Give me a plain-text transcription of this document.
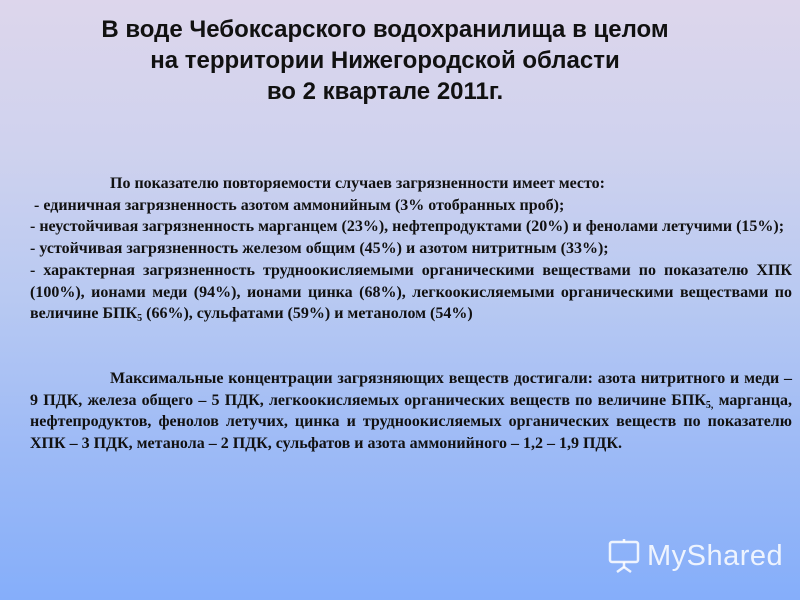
В воде Чебоксарского водохранилища в целом
на территории Нижегородской области
во 2 квартале 2011г.

По показателю повторяемости случаев загрязненности имеет место:

- единичная загрязненность азотом аммонийным (3% отобранных проб);

- неустойчивая загрязненность марганцем (23%), нефтепродуктами (20%) и фенолами летучими (15%);

- устойчивая загрязненность железом общим (45%) и азотом нитритным (33%);

- характерная загрязненность трудноокисляемыми органическими веществами по показателю ХПК (100%), ионами меди (94%), ионами цинка (68%), легкоокисляемыми органическими веществами по величине $БПК_5$ (66%), сульфатами (59%) и метанолом (54%)

Максимальные концентрации загрязняющих веществ достигали: азота нитритного и меди – 9 ПДК, железа общего – 5 ПДК, легкоокисляемых органических веществ по величине $БПК_{5,}$ марганца, нефтепродуктов, фенолов летучих, цинка и трудноокисляемых органических веществ по показателю ХПК – 3 ПДК, метанола – 2 ПДК, сульфатов и азота аммонийного – 1,2 – 1,9 ПДК.

MyShared
